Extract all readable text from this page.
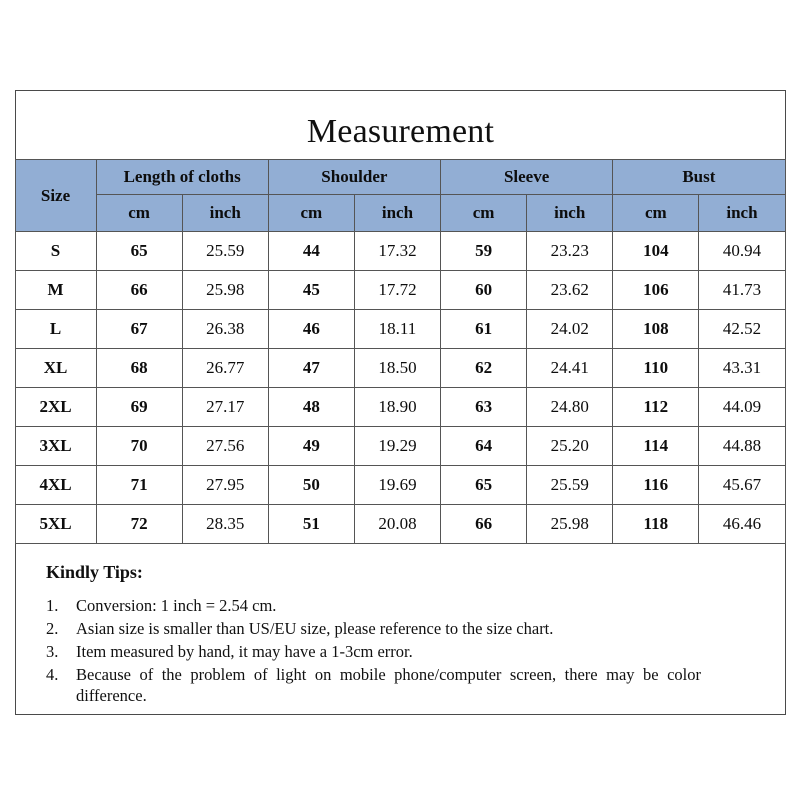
Measurement
Size	Length of cloths		Shoulder		Sleeve		Bust	
	cm	inch	cm	inch	cm	inch	cm	inch
S	65	25.59	44	17.32	59	23.23	104	40.94
M	66	25.98	45	17.72	60	23.62	106	41.73
L	67	26.38	46	18.11	61	24.02	108	42.52
XL	68	26.77	47	18.50	62	24.41	110	43.31
2XL	69	27.17	48	18.90	63	24.80	112	44.09
3XL	70	27.56	49	19.29	64	25.20	114	44.88
4XL	71	27.95	50	19.69	65	25.59	116	45.67
5XL	72	28.35	51	20.08	66	25.98	118	46.46
Kindly Tips:
1. Conversion: 1 inch = 2.54 cm.
2. Asian size is smaller than US/EU size, please reference to the size chart.
3. Item measured by hand, it may have a 1-3cm error.
4. Because of the problem of light on mobile phone/computer screen, there may be color difference.
